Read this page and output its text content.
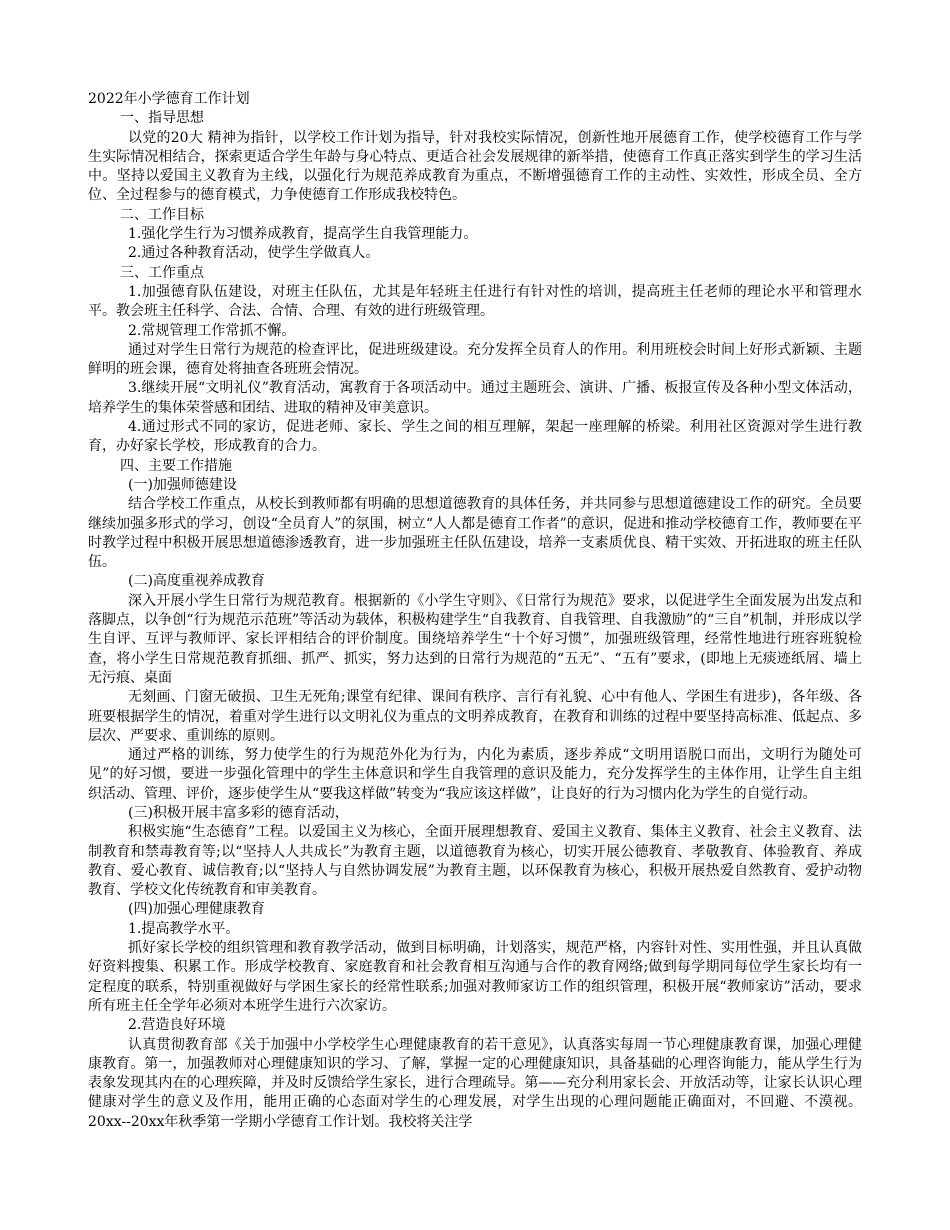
2022年小学德育工作计划

一、指导思想

以党的20大 精神为指针，以学校工作计划为指导，针对我校实际情况，创新性地开展德育工作，使学校德育工作与学生实际情况相结合，探索更适合学生年龄与身心特点、更适合社会发展规律的新举措，使德育工作真正落实到学生的学习生活中。坚持以爱国主义教育为主线，以强化行为规范养成教育为重点，不断增强德育工作的主动性、实效性，形成全员、全方位、全过程参与的德育模式，力争使德育工作形成我校特色。

二、工作目标

1.强化学生行为习惯养成教育，提高学生自我管理能力。

2.通过各种教育活动，使学生学做真人。

三、工作重点

1.加强德育队伍建设，对班主任队伍，尤其是年轻班主任进行有针对性的培训，提高班主任老师的理论水平和管理水平。教会班主任科学、合法、合情、合理、有效的进行班级管理。

2.常规管理工作常抓不懈。

通过对学生日常行为规范的检查评比，促进班级建设。充分发挥全员育人的作用。利用班校会时间上好形式新颖、主题鲜明的班会课，德育处将抽查各班班会情况。

3.继续开展“文明礼仪”教育活动，寓教育于各项活动中。通过主题班会、演讲、广播、板报宣传及各种小型文体活动，培养学生的集体荣誉感和团结、进取的精神及审美意识。

4.通过形式不同的家访，促进老师、家长、学生之间的相互理解，架起一座理解的桥梁。利用社区资源对学生进行教育，办好家长学校，形成教育的合力。

四、主要工作措施

(一)加强师德建设

结合学校工作重点，从校长到教师都有明确的思想道德教育的具体任务，并共同参与思想道德建设工作的研究。全员要继续加强多形式的学习，创设“全员育人”的氛围，树立“人人都是德育工作者”的意识，促进和推动学校德育工作，教师要在平时教学过程中积极开展思想道德渗透教育，进一步加强班主任队伍建设，培养一支素质优良、精干实效、开拓进取的班主任队伍。

(二)高度重视养成教育

深入开展小学生日常行为规范教育。根据新的《小学生守则》、《日常行为规范》要求，以促进学生全面发展为出发点和落脚点，以争创“行为规范示范班”等活动为载体，积极构建学生“自我教育、自我管理、自我激励”的“三自”机制，并形成以学生自评、互评与教师评、家长评相结合的评价制度。围绕培养学生“十个好习惯”，加强班级管理，经常性地进行班容班貌检查，将小学生日常规范教育抓细、抓严、抓实，努力达到的日常行为规范的“五无”、“五有”要求，(即地上无痰迹纸屑、墙上无污痕、桌面

无刻画、门窗无破损、卫生无死角;课堂有纪律、课间有秩序、言行有礼貌、心中有他人、学困生有进步)，各年级、各班要根据学生的情况，着重对学生进行以文明礼仪为重点的文明养成教育，在教育和训练的过程中要坚持高标准、低起点、多层次、严要求、重训练的原则。

通过严格的训练，努力使学生的行为规范外化为行为，内化为素质，逐步养成“文明用语脱口而出，文明行为随处可见”的好习惯，要进一步强化管理中的学生主体意识和学生自我管理的意识及能力，充分发挥学生的主体作用，让学生自主组织活动、管理、评价，逐步使学生从“要我这样做”转变为“我应该这样做”，让良好的行为习惯内化为学生的自觉行动。

(三)积极开展丰富多彩的德育活动，

积极实施“生态德育”工程。以爱国主义为核心，全面开展理想教育、爱国主义教育、集体主义教育、社会主义教育、法制教育和禁毒教育等;以“坚持人人共成长”为教育主题，以道德教育为核心，切实开展公德教育、孝敬教育、体验教育、养成教育、爱心教育、诚信教育;以“坚持人与自然协调发展”为教育主题，以环保教育为核心，积极开展热爱自然教育、爱护动物教育、学校文化传统教育和审美教育。

(四)加强心理健康教育

1.提高教学水平。

抓好家长学校的组织管理和教育教学活动，做到目标明确，计划落实，规范严格，内容针对性、实用性强，并且认真做好资料搜集、积累工作。形成学校教育、家庭教育和社会教育相互沟通与合作的教育网络;做到每学期同每位学生家长均有一定程度的联系，特别重视做好与学困生家长的经常性联系;加强对教师家访工作的组织管理，积极开展“教师家访”活动，要求所有班主任全学年必须对本班学生进行六次家访。

2.营造良好环境

认真贯彻教育部《关于加强中小学校学生心理健康教育的若干意见》，认真落实每周一节心理健康教育课，加强心理健康教育。第一，加强教师对心理健康知识的学习、了解，掌握一定的心理健康知识，具备基础的心理咨询能力，能从学生行为表象发现其内在的心理疾障，并及时反馈给学生家长，进行合理疏导。第——充分利用家长会、开放活动等，让家长认识心理健康对学生的意义及作用，能用正确的心态面对学生的心理发展，对学生出现的心理问题能正确面对，不回避、不漠视。20xx--20xx年秋季第一学期小学德育工作计划。我校将关注学
